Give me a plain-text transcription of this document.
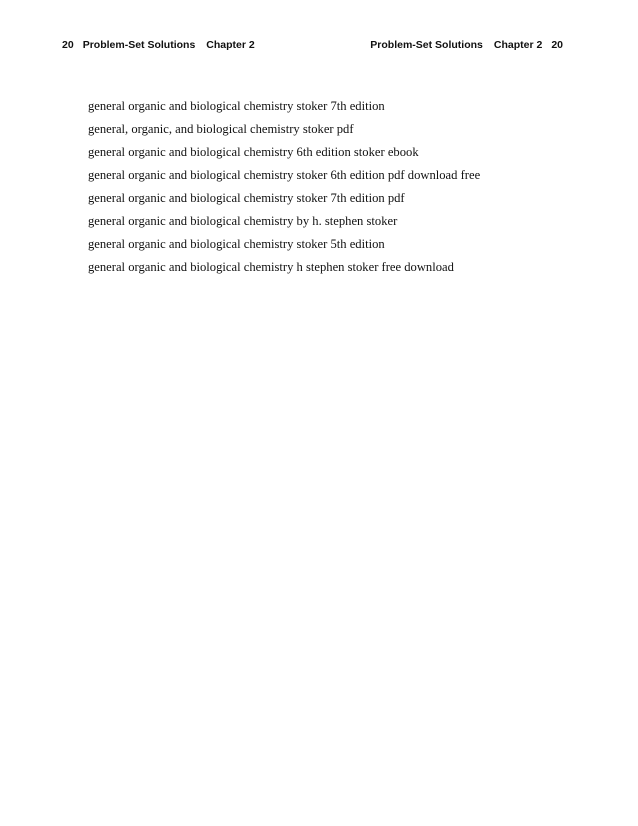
20 Problem-Set Solutions Chapter 2	Problem-Set Solutions Chapter 2 20
general organic and biological chemistry stoker 7th edition
general, organic, and biological chemistry stoker pdf
general organic and biological chemistry 6th edition stoker ebook
general organic and biological chemistry stoker 6th edition pdf download free
general organic and biological chemistry stoker 7th edition pdf
general organic and biological chemistry by h. stephen stoker
general organic and biological chemistry stoker 5th edition
general organic and biological chemistry h stephen stoker free download
